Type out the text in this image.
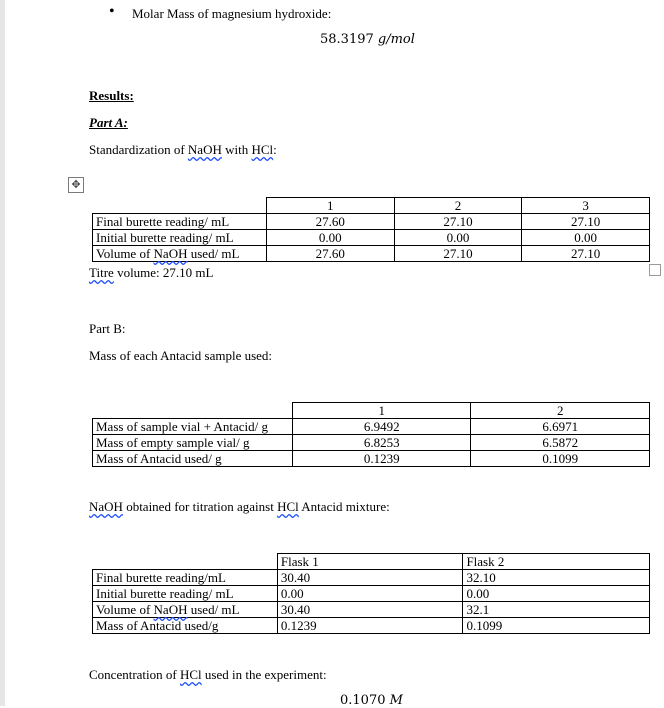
• Molar Mass of magnesium hydroxide:
58.3197 g/mol
Results:
Part A:
Standardization of NaOH with HCl:
✥
	1	2	3
Final burette reading/ mL	27.60	27.10	27.10
Initial burette reading/ mL	0.00	0.00	0.00
Volume of NaOH used/ mL	27.60	27.10	27.10
Titre volume: 27.10 mL
Part B:
Mass of each Antacid sample used:
	1	2
Mass of sample vial + Antacid/ g	6.9492	6.6971
Mass of empty sample vial/ g	6.8253	6.5872
Mass of Antacid used/ g	0.1239	0.1099
NaOH obtained for titration against HCl Antacid mixture:
	Flask 1	Flask 2
Final burette reading/mL	30.40	32.10
Initial burette reading/ mL	0.00	0.00
Volume of NaOH used/ mL	30.40	32.1
Mass of Antacid used/g	0.1239	0.1099
Concentration of HCl used in the experiment:
0.1070 M
